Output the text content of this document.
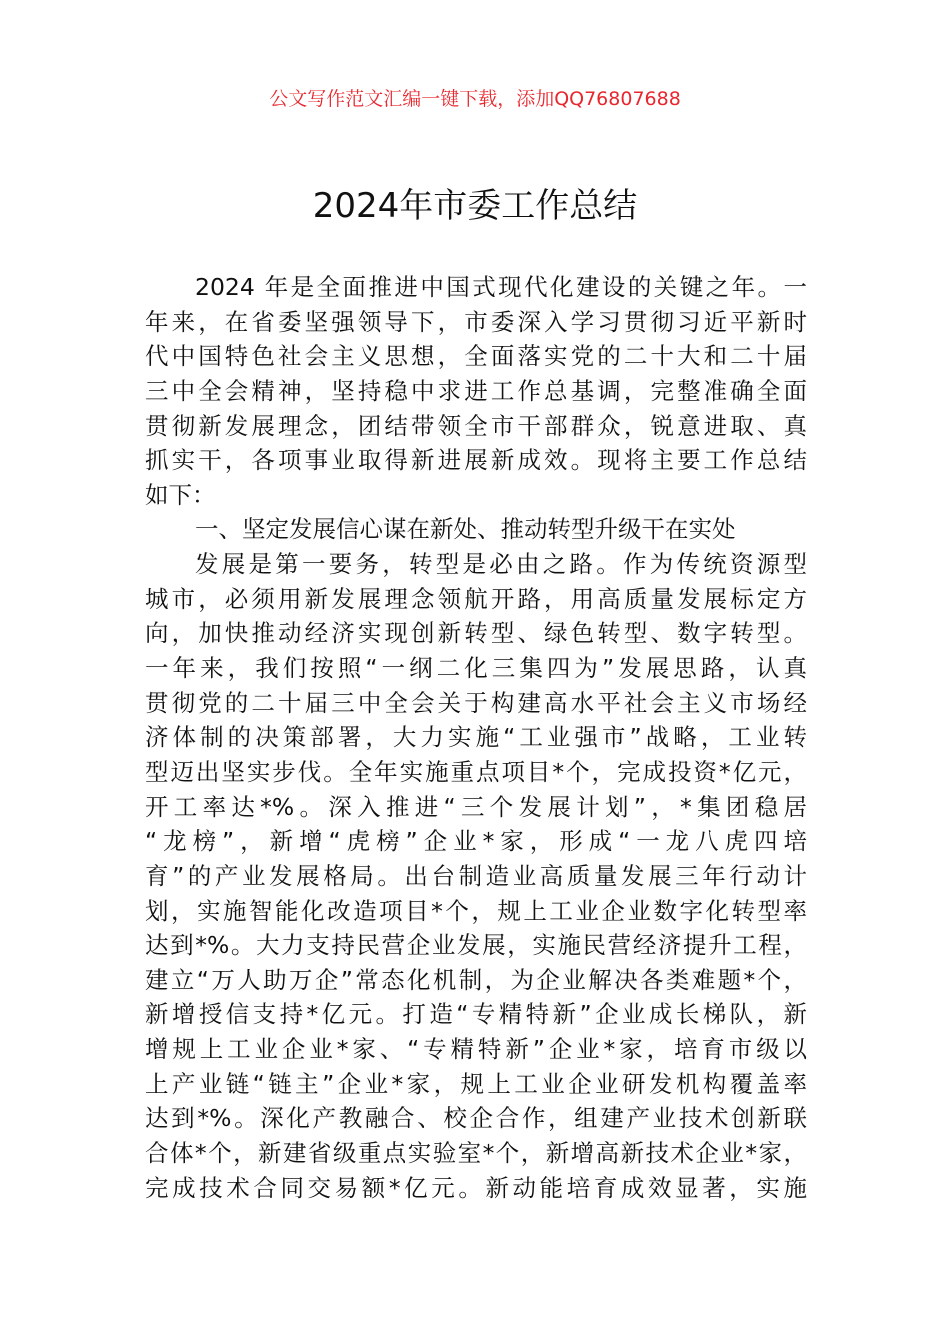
公文写作范文汇编一键下载，添加QQ76807688
2024年市委工作总结
2024 年是全面推进中国式现代化建设的关键之年。一
年来，在省委坚强领导下，市委深入学习贯彻习近平新时
代中国特色社会主义思想，全面落实党的二十大和二十届
三中全会精神，坚持稳中求进工作总基调，完整准确全面
贯彻新发展理念，团结带领全市干部群众，锐意进取、真
抓实干，各项事业取得新进展新成效。现将主要工作总结
如下：
一、坚定发展信心谋在新处、推动转型升级干在实处
发展是第一要务，转型是必由之路。作为传统资源型
城市，必须用新发展理念领航开路，用高质量发展标定方
向，加快推动经济实现创新转型、绿色转型、数字转型。
一年来，我们按照“一纲二化三集四为”发展思路，认真
贯彻党的二十届三中全会关于构建高水平社会主义市场经
济体制的决策部署，大力实施“工业强市”战略，工业转
型迈出坚实步伐。全年实施重点项目*个，完成投资*亿元，
开工率达*%。深入推进“三个发展计划”，*集团稳居
“龙榜”，新增“虎榜”企业*家，形成“一龙八虎四培
育”的产业发展格局。出台制造业高质量发展三年行动计
划，实施智能化改造项目*个，规上工业企业数字化转型率
达到*%。大力支持民营企业发展，实施民营经济提升工程，
建立“万人助万企”常态化机制，为企业解决各类难题*个，
新增授信支持*亿元。打造“专精特新”企业成长梯队，新
增规上工业企业*家、“专精特新”企业*家，培育市级以
上产业链“链主”企业*家，规上工业企业研发机构覆盖率
达到*%。深化产教融合、校企合作，组建产业技术创新联
合体*个，新建省级重点实验室*个，新增高新技术企业*家，
完成技术合同交易额*亿元。新动能培育成效显著，实施
